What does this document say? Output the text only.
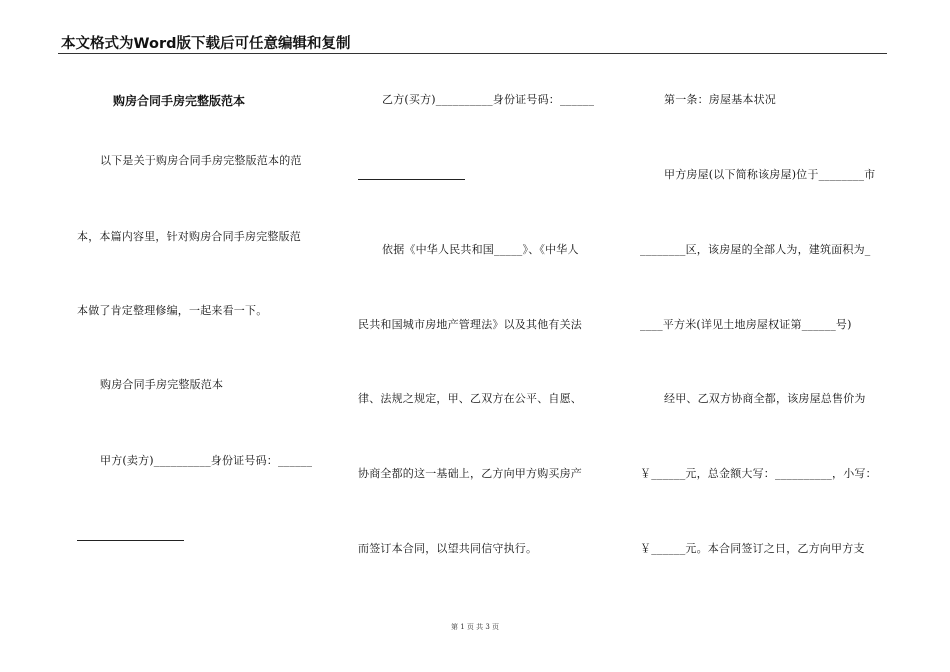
本文格式为Word版下载后可任意编辑和复制
购房合同手房完整版范本
以下是关于购房合同手房完整版范本的范
本，本篇内容里，针对购房合同手房完整版范
本做了肯定整理修编，一起来看一下。
购房合同手房完整版范本
甲方(卖方)__________身份证号码：______
乙方(买方)__________身份证号码：______
依据《中华人民共和国_____》、《中华人
民共和国城市房地产管理法》以及其他有关法
律、法规之规定，甲、乙双方在公平、自愿、
协商全都的这一基础上，乙方向甲方购买房产
而签订本合同，以望共同信守执行。
第一条：房屋基本状况
甲方房屋(以下简称该房屋)位于________市
________区，该房屋的全部人为，建筑面积为_
____平方米(详见土地房屋权证第______号)
经甲、乙双方协商全都，该房屋总售价为
￥______元，总金额大写：__________，小写：
￥______元。本合同签订之日，乙方向甲方支
第 1 页 共 3 页
